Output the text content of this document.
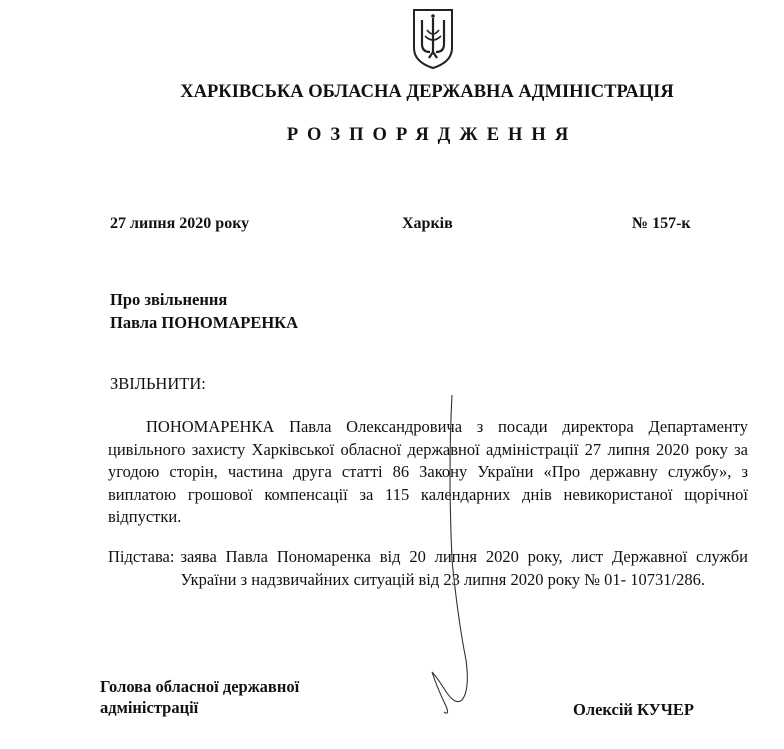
ХАРКІВСЬКА ОБЛАСНА ДЕРЖАВНА АДМІНІСТРАЦІЯ
РОЗПОРЯДЖЕННЯ
27 липня 2020 року	Харків	№ 157-к
Про звільнення
Павла ПОНОМАРЕНКА
ЗВІЛЬНИТИ:

ПОНОМАРЕНКА Павла Олександровича з посади директора Департаменту цивільного захисту Харківської обласної державної адміністрації 27 липня 2020 року за угодою сторін, частина друга статті 86 Закону України «Про державну службу», з виплатою грошової компенсації за 115 календарних днів невикористаної щорічної відпустки.

Підстава: заява Павла Пономаренка від 20 липня 2020 року, лист Державної служби України з надзвичайних ситуацій від 23 липня 2020 року № 01- 10731/286.
Голова обласної державної
адміністрації	Олексій КУЧЕР
